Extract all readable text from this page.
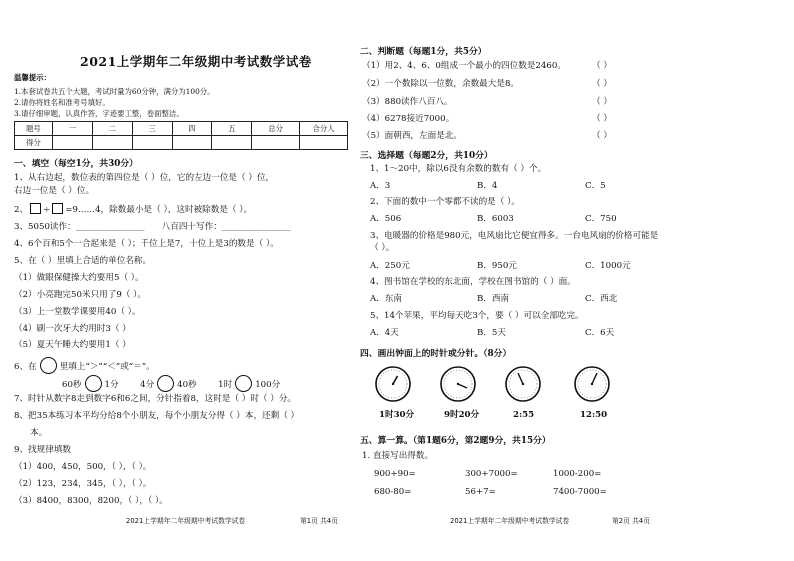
2021上学期年二年级期中考试数学试卷
温馨提示：
1.本套试卷共五个大题，考试时量为60分钟，满分为100分。
2.请你将姓名和准考号填好。
3.请仔细审题，认真作答，字迹要工整，卷面整洁。
题号	一	二	三	四	五	总分	合分人
得分							
一、填空（每空1分，共30分）
1、从右边起，数位表的第四位是（ ）位，它的左边一位是（ ）位，
右边一位是（ ）位。
2、 ÷ =9……4，除数最小是（ ），这时被除数是（ ）。
3、5050读作：________________　　八百四十写作：________________
4、6个百和5个一合起来是（ ）；千位上是7，十位上是3的数是（ ）。
5、在（ ）里填上合适的单位名称。
（1）做眼保健操大约要用5（ ）。
（2）小亮跑完50米只用了9（ ）。
（3）上一堂数学课要用40（ ）。
（4）刷一次牙大约用时3（ ）
（5）夏天午睡大约要用1（ ）
6、在	里填上“＞”“＜”或“＝”。
60秒	1分 4分	40秒 1时	100分
7、时针从数字8走到数字6和6之间，分针指着8，这时是（ ）时（ ）分。
8、把35本练习本平均分给8个小朋友，每个小朋友分得（ ）本，还剩（ ）
本。
9、找规律填数
（1）400，450，500，（ ），（ ）。
（2）123，234，345，（ ），（ ）。
（3）8400，8300，8200，（ ），（ ）。
2021上学期年二年级期中考试数学试卷	第1页 共4页
二、判断题（每题1分，共5分）
（1）用2、4、6、0组成一个最小的四位数是2460。	（ ）
（2）一个数除以一位数，余数最大是8。	（ ）
（3）880读作八百八。	（ ）
（4）6278接近7000。	（ ）
（5）面朝西，左面是北。	（ ）
三、选择题（每题2分，共10分）
1、1～20中，除以6没有余数的数有（ ）个。
A．3	B．4	C．5
2、下面的数中一个零都不读的是（ ）。
A．506	B．6003	C．750
3、电暖器的价格是980元，电风扇比它便宜得多。一台电风扇的价格可能是
（ ）。
A．250元	B．950元	C．1000元
4、图书馆在学校的东北面，学校在图书馆的（ ）面。
A．东南	B．西南	C．西北
5、14个苹果，平均每天吃3个，要（ ）可以全部吃完。
A．4天	B．5天	C．6天
四、画出钟面上的时针或分针。（8分）
1时30分	9时20分	2:55	12:50
五、算一算。（第1题6分，第2题9分，共15分）
1. 直接写出得数。
900+90=	300+7000=	1000-200=
680-80=	56+7=	7400-7000=
2021上学期年二年级期中考试数学试卷	第2页 共4页
